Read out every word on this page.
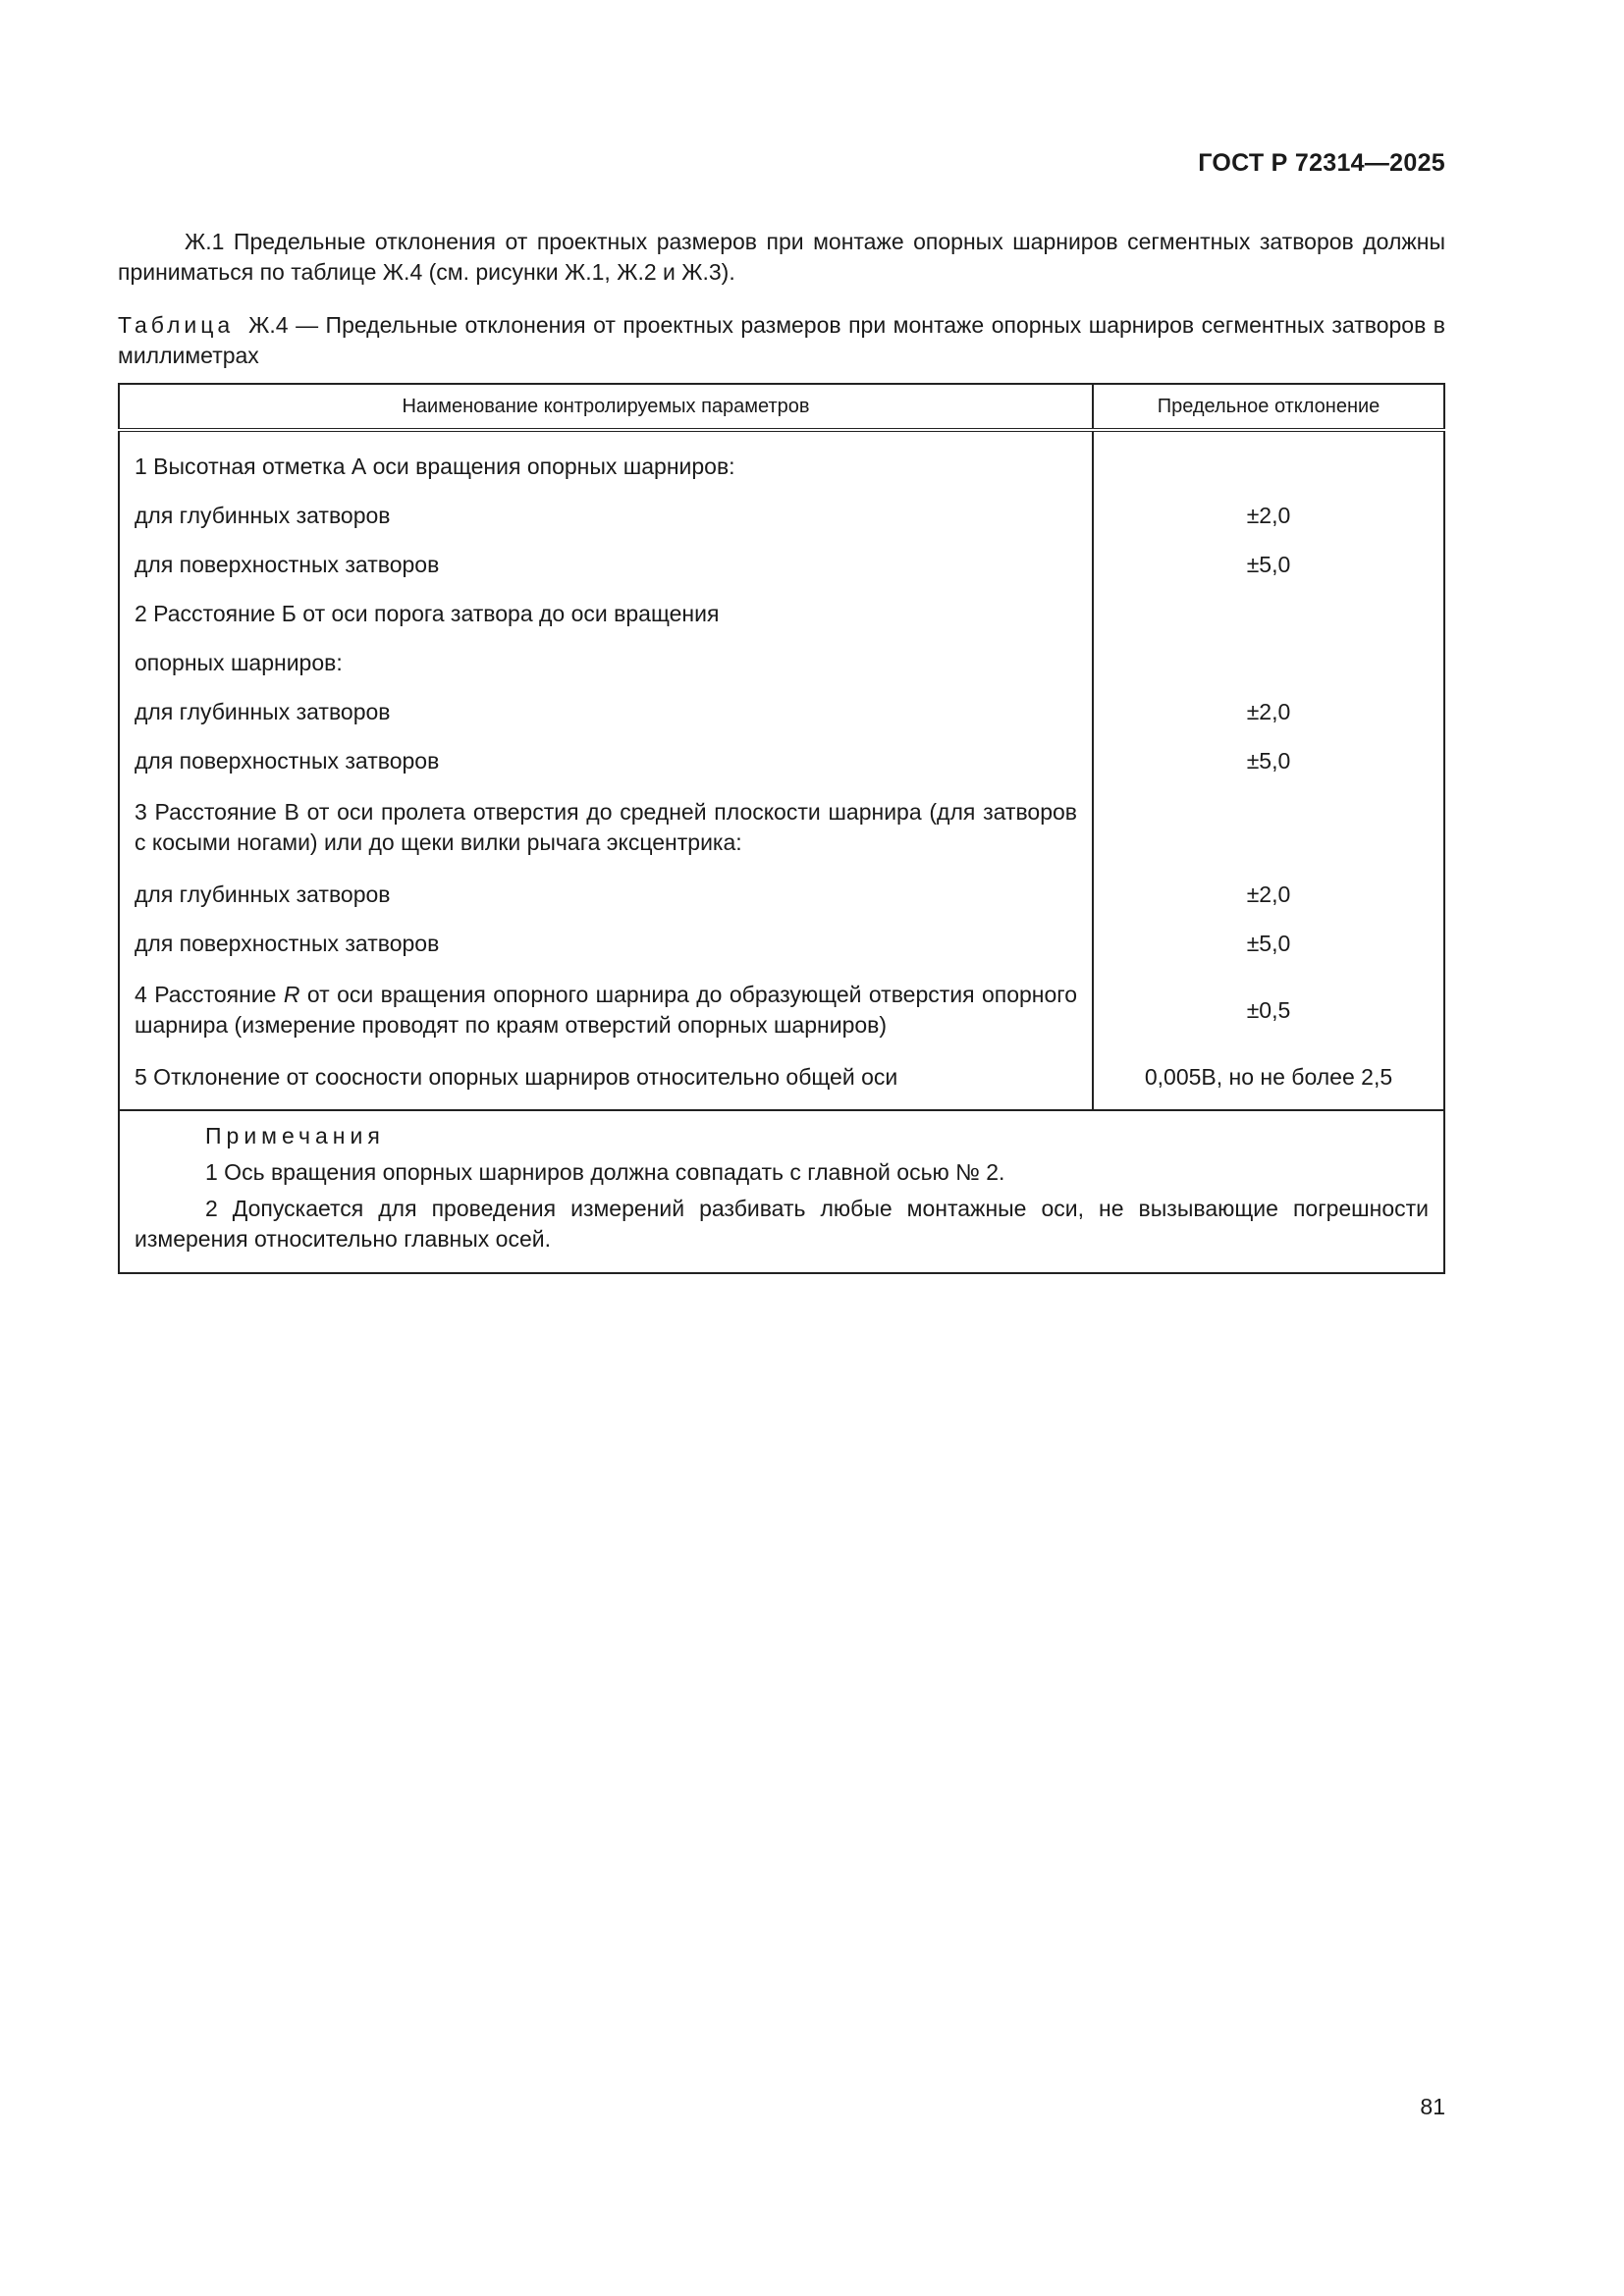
ГОСТ Р 72314—2025
Ж.1 Предельные отклонения от проектных размеров при монтаже опорных шарниров сегментных затворов должны приниматься по таблице Ж.4 (см. рисунки Ж.1, Ж.2 и Ж.3).
Таблица Ж.4 — Предельные отклонения от проектных размеров при монтаже опорных шарниров сегментных затворов в миллиметрах
Наименование контролируемых параметров	Предельное отклонение
1 Высотная отметка А оси вращения опорных шарниров:	
для глубинных затворов	±2,0
для поверхностных затворов	±5,0
2 Расстояние Б от оси порога затвора до оси вращения	
опорных шарниров:	
для глубинных затворов	±2,0
для поверхностных затворов	±5,0
3 Расстояние В от оси пролета отверстия до средней плоскости шарнира (для затворов с косыми ногами) или до щеки вилки рычага эксцентрика:	
для глубинных затворов	±2,0
для поверхностных затворов	±5,0
4 Расстояние R от оси вращения опорного шарнира до образующей отверстия опорного шарнира (измерение проводят по краям отверстий опорных шарниров)	±0,5
5 Отклонение от соосности опорных шарниров относительно общей оси	0,005В, но не более 2,5

Примечания
1 Ось вращения опорных шарниров должна совпадать с главной осью № 2.
2 Допускается для проведения измерений разбивать любые монтажные оси, не вызывающие погрешности измерения относительно главных осей.	
81
